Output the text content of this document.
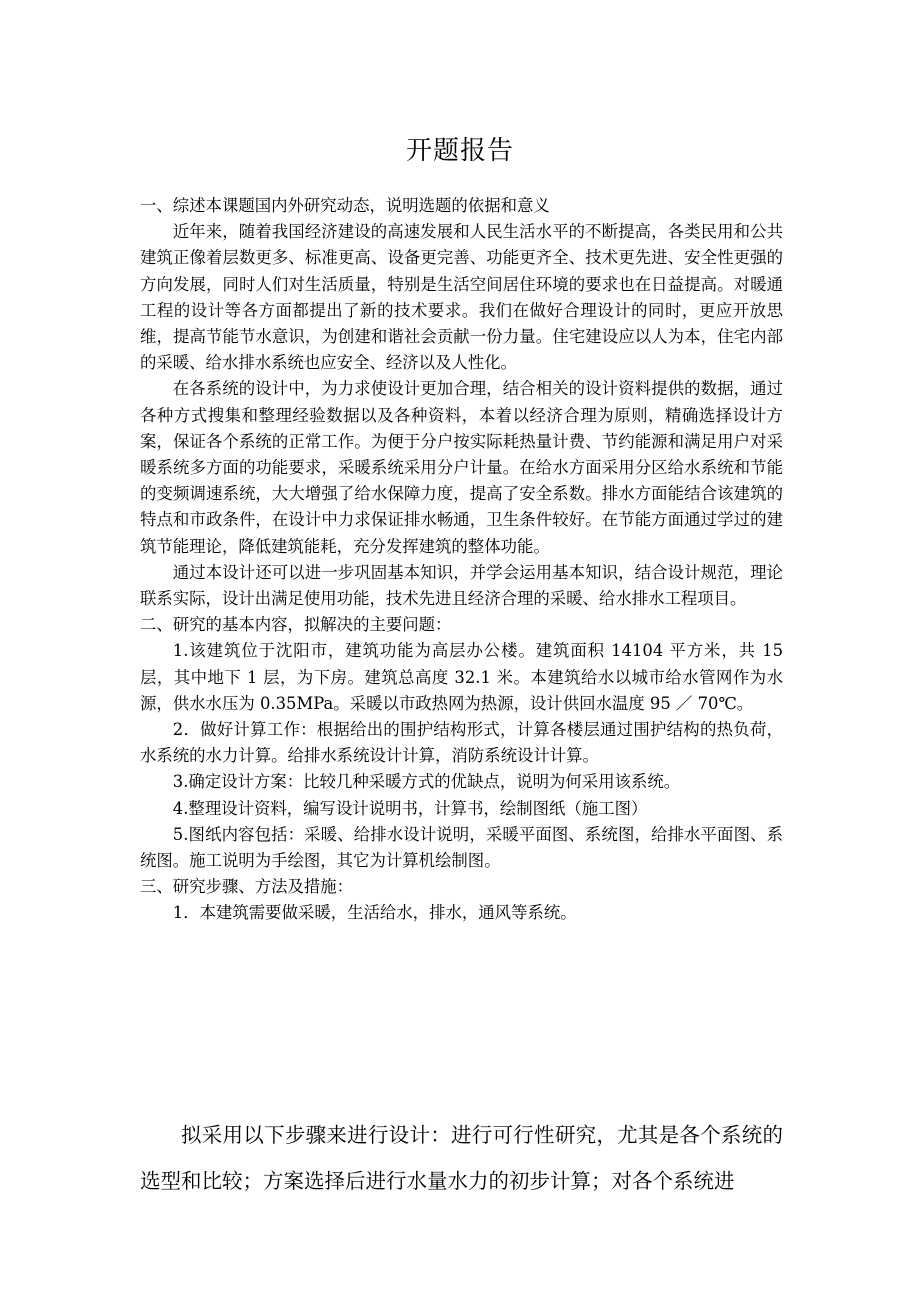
开题报告

一、综述本课题国内外研究动态，说明选题的依据和意义

近年来，随着我国经济建设的高速发展和人民生活水平的不断提高，各类民用和公共建筑正像着层数更多、标准更高、设备更完善、功能更齐全、技术更先进、安全性更强的方向发展，同时人们对生活质量，特别是生活空间居住环境的要求也在日益提高。对暖通工程的设计等各方面都提出了新的技术要求。我们在做好合理设计的同时，更应开放思维，提高节能节水意识，为创建和谐社会贡献一份力量。住宅建设应以人为本，住宅内部的采暖、给水排水系统也应安全、经济以及人性化。

在各系统的设计中，为力求使设计更加合理，结合相关的设计资料提供的数据，通过各种方式搜集和整理经验数据以及各种资料，本着以经济合理为原则，精确选择设计方案，保证各个系统的正常工作。为便于分户按实际耗热量计费、节约能源和满足用户对采暖系统多方面的功能要求，采暖系统采用分户计量。在给水方面采用分区给水系统和节能的变频调速系统，大大增强了给水保障力度，提高了安全系数。排水方面能结合该建筑的特点和市政条件，在设计中力求保证排水畅通，卫生条件较好。在节能方面通过学过的建筑节能理论，降低建筑能耗，充分发挥建筑的整体功能。

通过本设计还可以进一步巩固基本知识，并学会运用基本知识，结合设计规范，理论联系实际，设计出满足使用功能，技术先进且经济合理的采暖、给水排水工程项目。

二、研究的基本内容，拟解决的主要问题：

1.该建筑位于沈阳市，建筑功能为高层办公楼。建筑面积 14104 平方米，共 15 层，其中地下 1 层，为下房。建筑总高度 32.1 米。本建筑给水以城市给水管网作为水源，供水水压为 0.35MPa。采暖以市政热网为热源，设计供回水温度 95 ／ 70℃。

2．做好计算工作：根据给出的围护结构形式，计算各楼层通过围护结构的热负荷，水系统的水力计算。给排水系统设计计算，消防系统设计计算。

3.确定设计方案：比较几种采暖方式的优缺点，说明为何采用该系统。

4.整理设计资料，编写设计说明书，计算书，绘制图纸（施工图）

5.图纸内容包括：采暖、给排水设计说明，采暖平面图、系统图，给排水平面图、系统图。施工说明为手绘图，其它为计算机绘制图。

三、研究步骤、方法及措施：

1．本建筑需要做采暖，生活给水，排水，通风等系统。

拟采用以下步骤来进行设计：进行可行性研究，尤其是各个系统的选型和比较；方案选择后进行水量水力的初步计算；对各个系统进
